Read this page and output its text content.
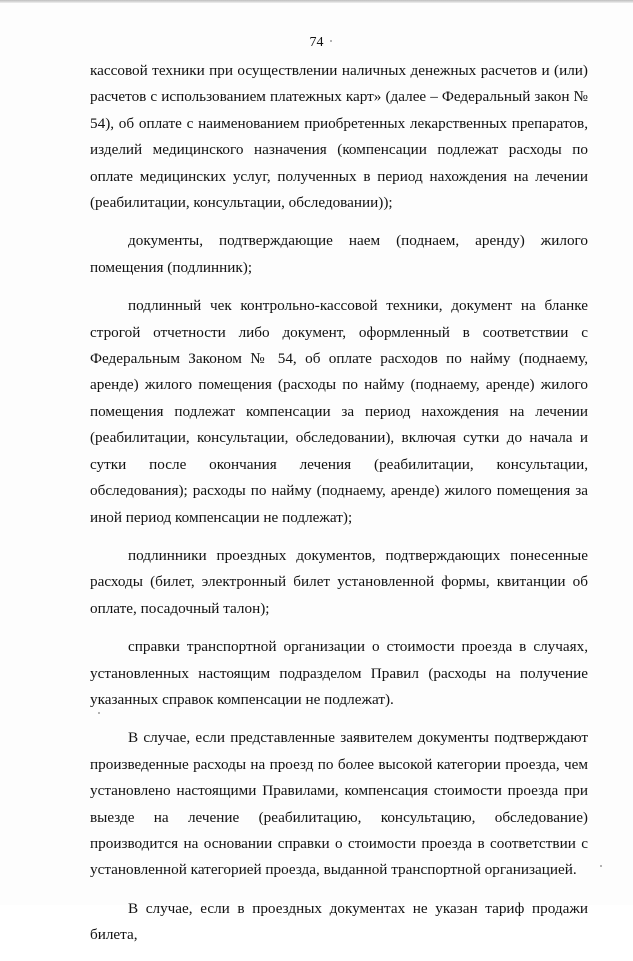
74

кассовой техники при осуществлении наличных денежных расчетов и (или) расчетов с использованием платежных карт» (далее – Федеральный закон № 54), об оплате с наименованием приобретенных лекарственных препаратов, изделий медицинского назначения (компенсации подлежат расходы по оплате медицинских услуг, полученных в период нахождения на лечении (реабилитации, консультации, обследовании));

документы, подтверждающие наем (поднаем, аренду) жилого помещения (подлинник);

подлинный чек контрольно-кассовой техники, документ на бланке строгой отчетности либо документ, оформленный в соответствии с Федеральным Законом № 54, об оплате расходов по найму (поднаему, аренде) жилого помещения (расходы по найму (поднаему, аренде) жилого помещения подлежат компенсации за период нахождения на лечении (реабилитации, консультации, обследовании), включая сутки до начала и сутки после окончания лечения (реабилитации, консультации, обследования); расходы по найму (поднаему, аренде) жилого помещения за иной период компенсации не подлежат);

подлинники проездных документов, подтверждающих понесенные расходы (билет, электронный билет установленной формы, квитанции об оплате, посадочный талон);

справки транспортной организации о стоимости проезда в случаях, установленных настоящим подразделом Правил (расходы на получение указанных справок компенсации не подлежат).

В случае, если представленные заявителем документы подтверждают произведенные расходы на проезд по более высокой категории проезда, чем установлено настоящими Правилами, компенсация стоимости проезда при выезде на лечение (реабилитацию, консультацию, обследование) производится на основании справки о стоимости проезда в соответствии с установленной категорией проезда, выданной транспортной организацией.

В случае, если в проездных документах не указан тариф продажи билета,
